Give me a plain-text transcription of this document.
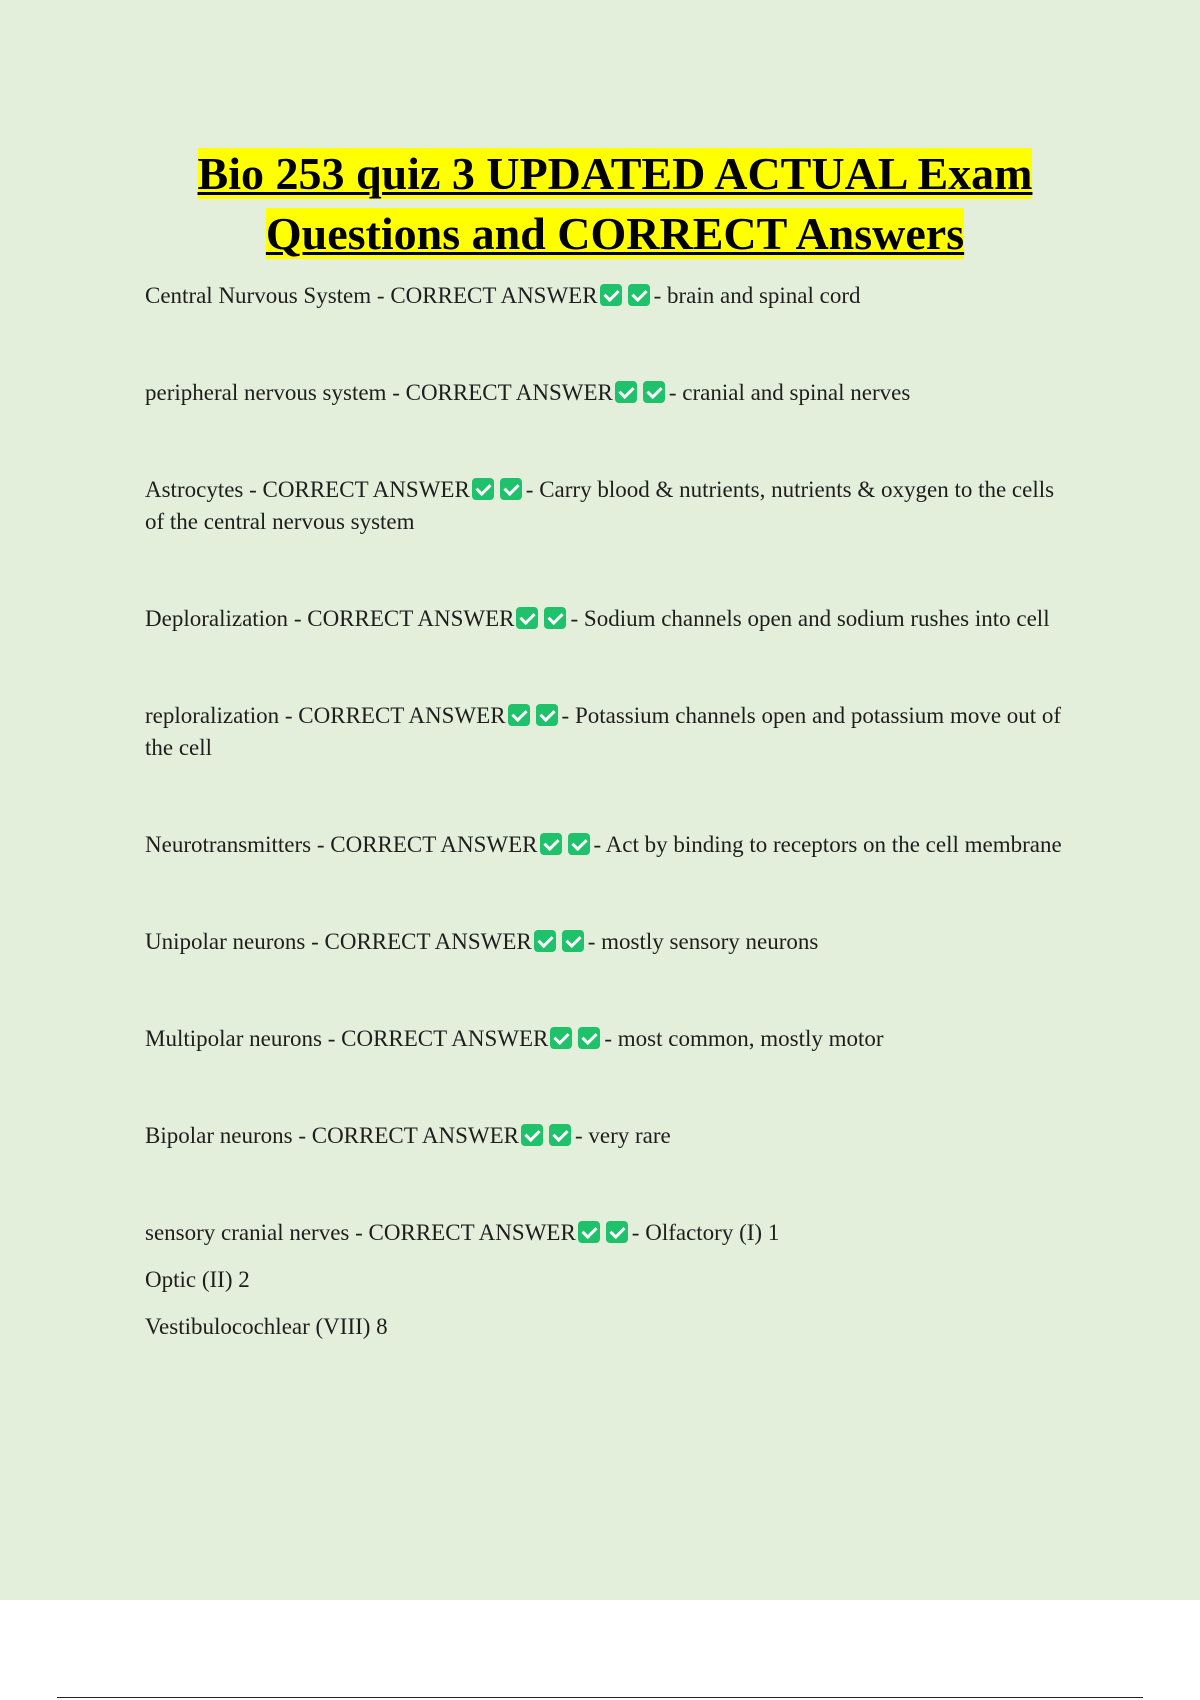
Bio 253 quiz 3 UPDATED ACTUAL Exam
Questions and CORRECT Answers

Central Nurvous System - CORRECT ANSWER - brain and spinal cord

peripheral nervous system - CORRECT ANSWER - cranial and spinal nerves

Astrocytes - CORRECT ANSWER - Carry blood & nutrients, nutrients & oxygen to the cells of the central nervous system

Deploralization - CORRECT ANSWER - Sodium channels open and sodium rushes into cell

reploralization - CORRECT ANSWER - Potassium channels open and potassium move out of the cell

Neurotransmitters - CORRECT ANSWER - Act by binding to receptors on the cell membrane

Unipolar neurons - CORRECT ANSWER - mostly sensory neurons

Multipolar neurons - CORRECT ANSWER - most common, mostly motor

Bipolar neurons - CORRECT ANSWER - very rare

sensory cranial nerves - CORRECT ANSWER - Olfactory (I) 1
Optic (II) 2
Vestibulocochlear (VIII) 8
